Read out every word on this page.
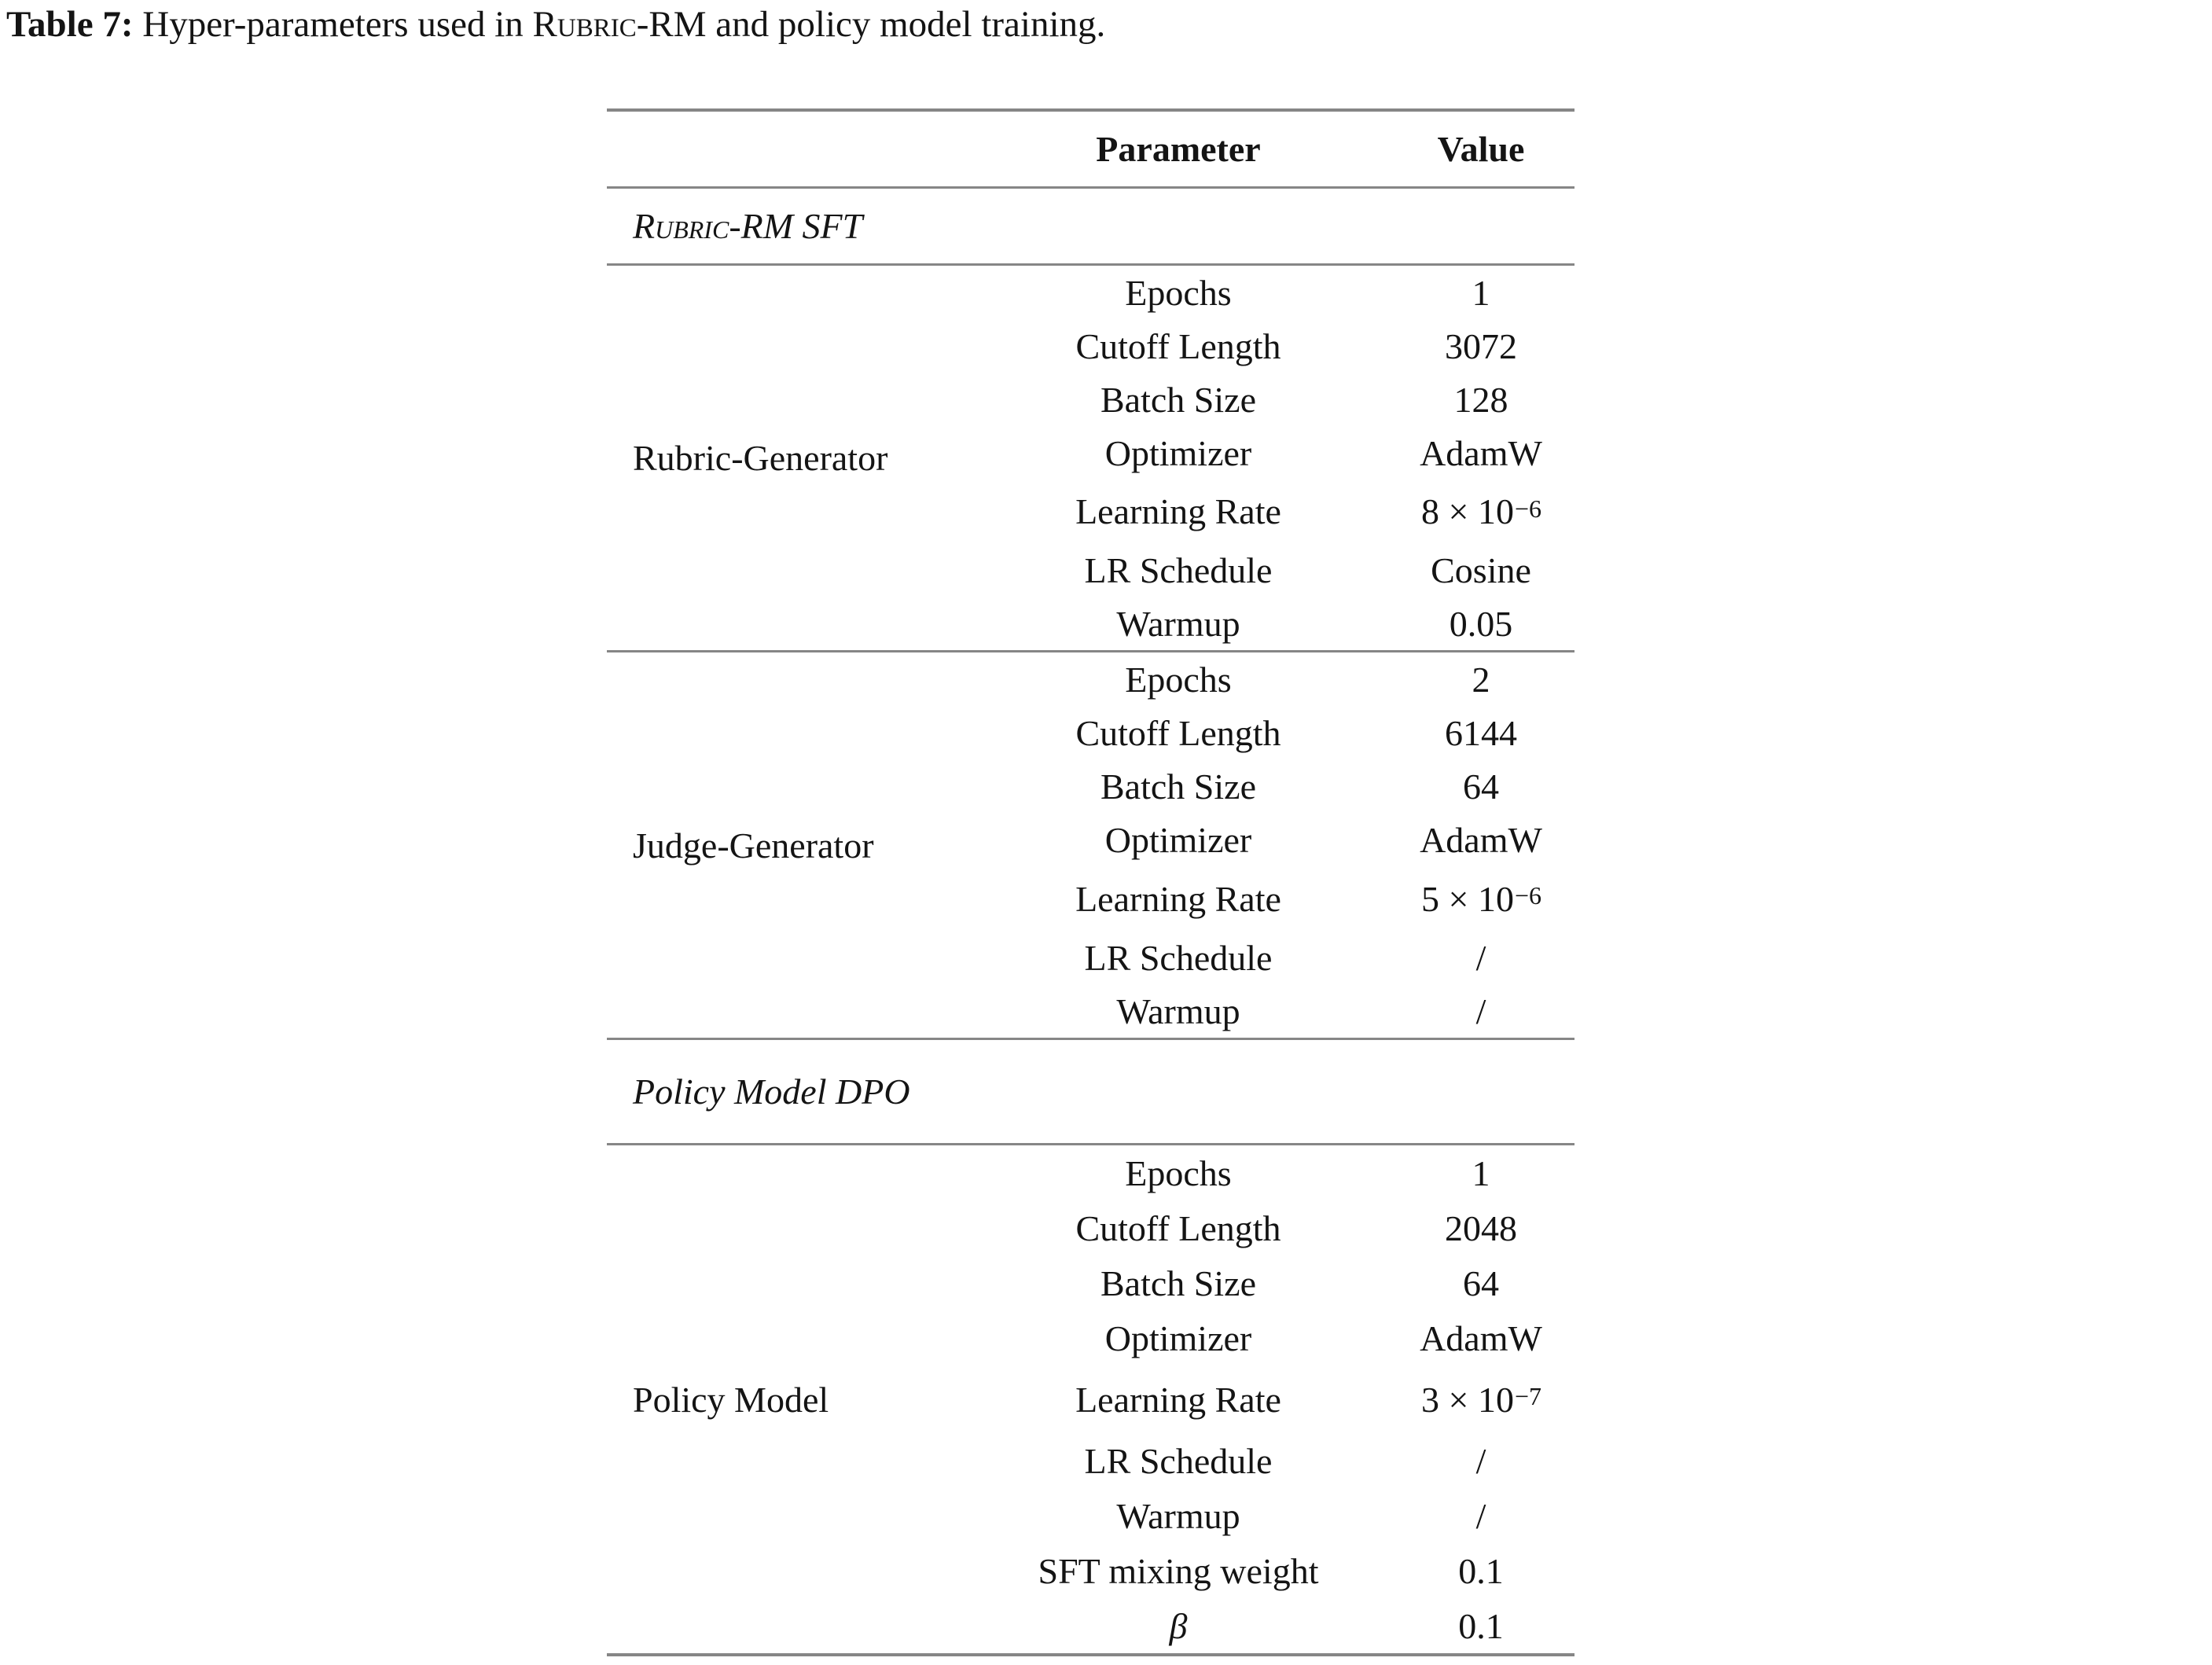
Table 7: Hyper-parameters used in Rubric-RM and policy model training.
Parameter	Value
Rubric-RM SFT
Rubric-Generator
Epochs	1
Cutoff Length	3072
Batch Size	128
Optimizer	AdamW
Learning Rate	$8 \times 10^{-6}$
LR Schedule	Cosine
Warmup	0.05
Judge-Generator
Epochs	2
Cutoff Length	6144
Batch Size	64
Optimizer	AdamW
Learning Rate	$5 \times 10^{-6}$
LR Schedule	/
Warmup	/
Policy Model DPO
Policy Model
Epochs	1
Cutoff Length	2048
Batch Size	64
Optimizer	AdamW
Learning Rate	$3 \times 10^{-7}$
LR Schedule	/
Warmup	/
SFT mixing weight	0.1
β	0.1
